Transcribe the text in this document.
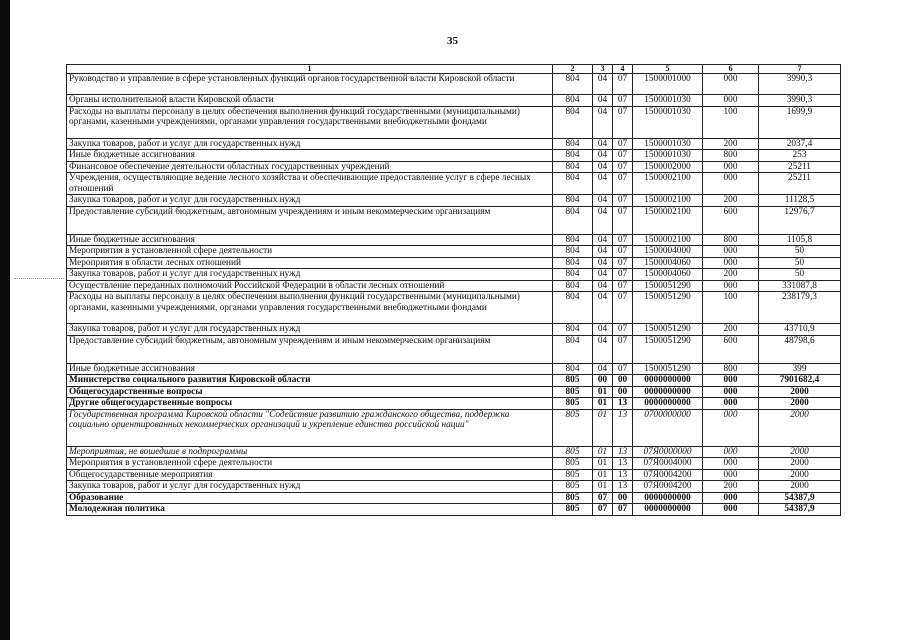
35
1	2	3	4	5	6	7
Руководство и управление в сфере установленных функций органов государственной власти Кировской области	804	04	07	1500001000	000	3990,3
Органы исполнительной власти Кировской области	804	04	07	1500001030	000	3990,3
Расходы на выплаты персоналу в целях обеспечения выполнения функций государственными (муниципальными) органами, казенными учреждениями, органами управления государственными внебюджетными фондами	804	04	07	1500001030	100	1699,9
Закупка товаров, работ и услуг для государственных нужд	804	04	07	1500001030	200	2037,4
Иные бюджетные ассигнования	804	04	07	1500001030	800	253
Финансовое обеспечение деятельности областных государственных учреждений	804	04	07	1500002000	000	25211
Учреждения, осуществляющие ведение лесного хозяйства и обеспечивающие предоставление услуг в сфере лесных отношений	804	04	07	1500002100	000	25211
Закупка товаров, работ и услуг для государственных нужд	804	04	07	1500002100	200	11128,5
Предоставление субсидий бюджетным, автономным учреждениям и иным некоммерческим организациям	804	04	07	1500002100	600	12976,7
Иные бюджетные ассигнования	804	04	07	1500002100	800	1105,8
Мероприятия в установленной сфере деятельности	804	04	07	1500004000	000	50
Мероприятия в области лесных отношений	804	04	07	1500004060	000	50
Закупка товаров, работ и услуг для государственных нужд	804	04	07	1500004060	200	50
Осуществление переданных полномочий Российской Федерации в области лесных отношений	804	04	07	1500051290	000	331087,8
Расходы на выплаты персоналу в целях обеспечения выполнения функций государственными (муниципальными) органами, казенными учреждениями, органами управления государственными внебюджетными фондами	804	04	07	1500051290	100	238179,3
Закупка товаров, работ и услуг для государственных нужд	804	04	07	1500051290	200	43710,9
Предоставление субсидий бюджетным, автономным учреждениям и иным некоммерческим организациям	804	04	07	1500051290	600	48798,6
Иные бюджетные ассигнования	804	04	07	1500051290	800	399
Министерство социального развития Кировской области	805	00	00	0000000000	000	7901682,4
Общегосударственные вопросы	805	01	00	0000000000	000	2000
Другие общегосударственные вопросы	805	01	13	0000000000	000	2000
Государственная программа Кировской области "Содействие развитию гражданского общества, поддержка социально ориентированных некоммерческих организаций и укрепление единства российской нации"	805	01	13	0700000000	000	2000
Мероприятия, не вошедшие в подпрограммы	805	01	13	07Я0000000	000	2000
Мероприятия в установленной сфере деятельности	805	01	13	07Я0004000	000	2000
Общегосударственные мероприятия	805	01	13	07Я0004200	000	2000
Закупка товаров, работ и услуг для государственных нужд	805	01	13	07Я0004200	200	2000
Образование	805	07	00	0000000000	000	54387,9
Молодежная политика	805	07	07	0000000000	000	54387,9
